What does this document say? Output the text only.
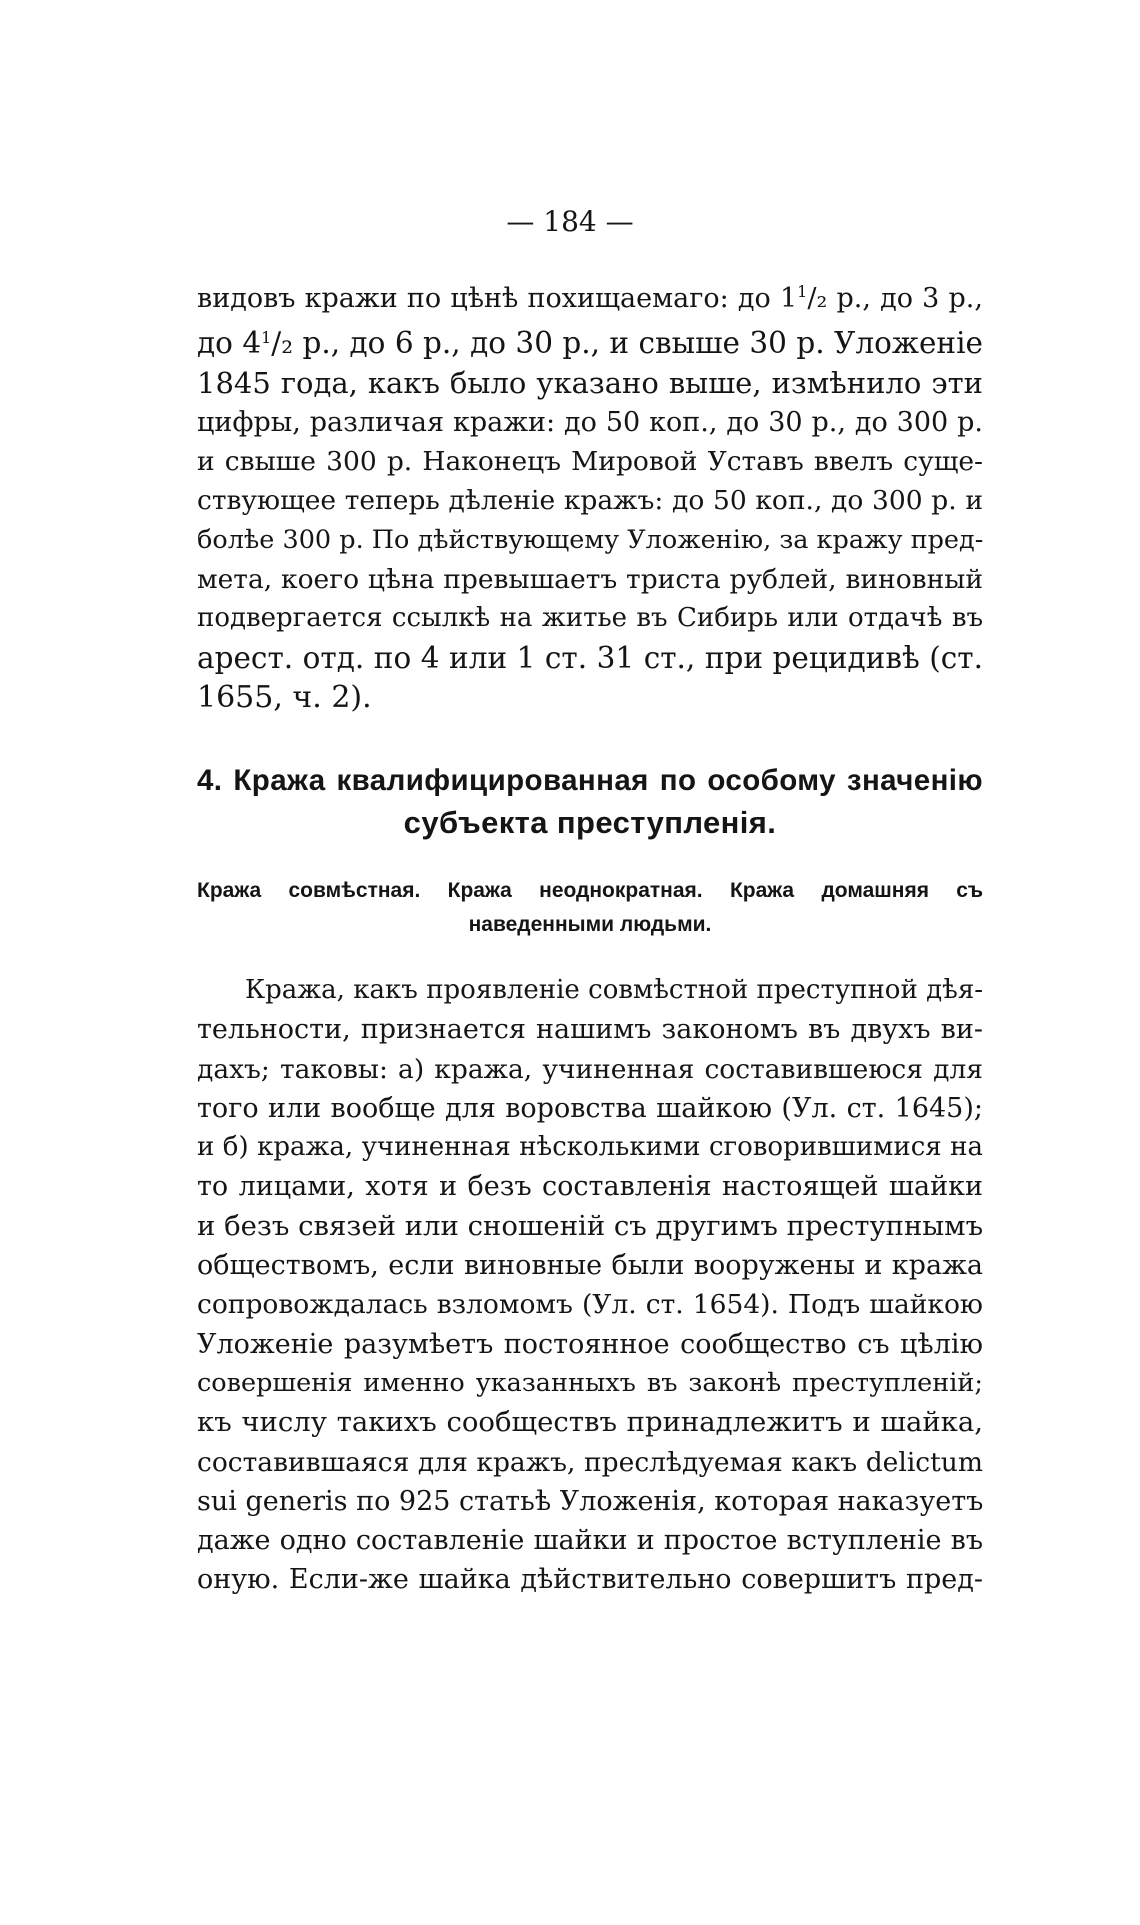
— 184 —
видовъ кражи по цѣнѣ похищаемаго: до $1^1/_2$ р., до 3 р.,
до $4^1/_2$ р., до 6 р., до 30 р., и свыше 30 р. Уложеніе
1845 года, какъ было указано выше, измѣнило эти
цифры, различая кражи: до 50 коп., до 30 р., до 300 р.
и свыше 300 р. Наконецъ Мировой Уставъ ввелъ суще-
ствующее теперь дѣленіе кражъ: до 50 коп., до 300 р. и
болѣе 300 р. По дѣйствующему Уложенію, за кражу пред-
мета, коего цѣна превышаетъ триста рублей, виновный
подвергается ссылкѣ на житье въ Сибирь или отдачѣ въ
арест. отд. по 4 или 1 ст. 31 ст., при рецидивѣ (ст.
1655, ч. 2).
4. Кража квалифицированная по особому значенію
субъекта преступленія.
Кража совмѣстная. Кража неоднократная. Кража домашняя съ
наведенными людьми.
Кража, какъ проявленіе совмѣстной преступной дѣя-
тельности, признается нашимъ закономъ въ двухъ ви-
дахъ; таковы: а) кража, учиненная составившеюся для
того или вообще для воровства шайкою (Ул. ст. 1645);
и б) кража, учиненная нѣсколькими сговорившимися на
то лицами, хотя и безъ составленія настоящей шайки
и безъ связей или сношеній съ другимъ преступнымъ
обществомъ, если виновные были вооружены и кража
сопровождалась взломомъ (Ул. ст. 1654). Подъ шайкою
Уложеніе разумѣетъ постоянное сообщество съ цѣлію
совершенія именно указанныхъ въ законѣ преступленій;
къ числу такихъ сообществъ принадлежитъ и шайка,
составившаяся для кражъ, преслѣдуемая какъ delictum
sui generis по 925 статьѣ Уложенія, которая наказуетъ
даже одно составленіе шайки и простое вступленіе въ
оную. Если-же шайка дѣйствительно совершитъ пред-
